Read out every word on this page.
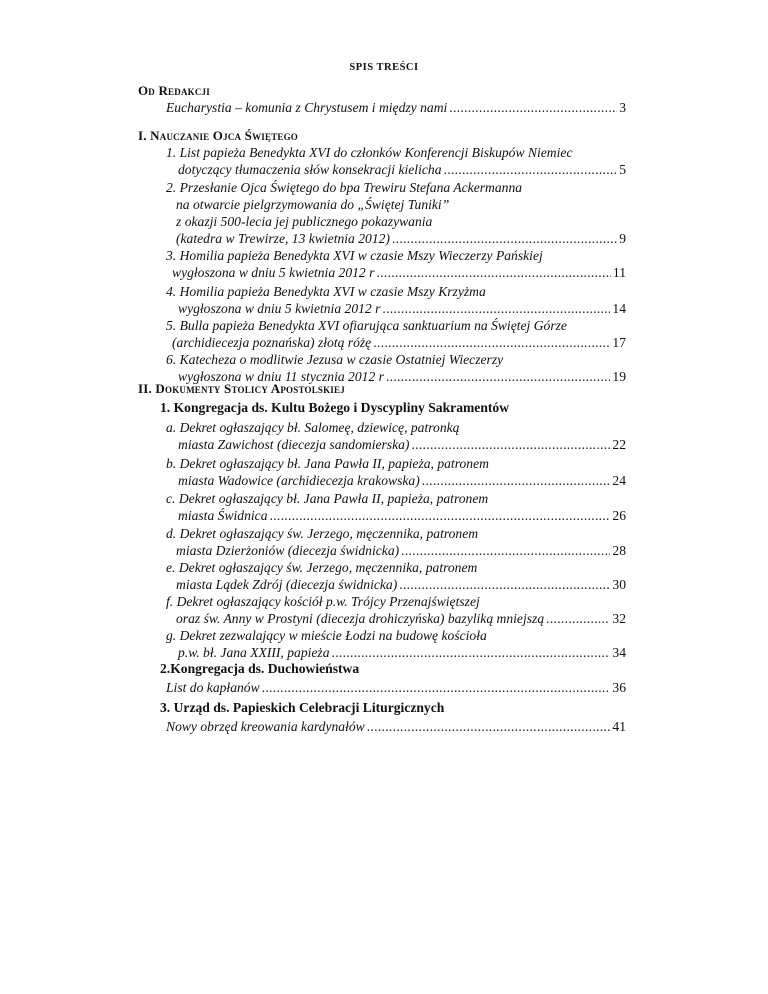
SPIS TREŚCI
Od Redakcji
Eucharystia – komunia z Chrystusem i między nami .....	3
I. Nauczanie Ojca Świętego
1. List papieża Benedykta XVI do członków Konferencji Biskupów Niemiec
dotyczący tłumaczenia słów konsekracji kielicha .....	5
2. Przesłanie Ojca Świętego do bpa Trewiru Stefana Ackermanna
na otwarcie pielgrzymowania do „Świętej Tuniki”
z okazji 500-lecia jej publicznego pokazywania
(katedra w Trewirze, 13 kwietnia 2012) .....	9
3. Homilia papieża Benedykta XVI w czasie Mszy Wieczerzy Pańskiej
wygłoszona w dniu 5 kwietnia 2012 r .....	11
4. Homilia papieża Benedykta XVI w czasie Mszy Krzyżma
wygłoszona w dniu 5 kwietnia 2012 r .....	14
5. Bulla papieża Benedykta XVI ofiarująca sanktuarium na Świętej Górze
(archidiecezja poznańska) złotą różę .....	17
6. Katecheza o modlitwie Jezusa w czasie Ostatniej Wieczerzy
wygłoszona w dniu 11 stycznia 2012 r .....	19
II. Dokumenty Stolicy Apostolskiej
1. Kongregacja ds. Kultu Bożego i Dyscypliny Sakramentów
a. Dekret ogłaszający bł. Salomeę, dziewicę, patronką
miasta Zawichost (diecezja sandomierska) .....	22
b. Dekret ogłaszający bł. Jana Pawła II, papieża, patronem
miasta Wadowice (archidiecezja krakowska) .....	24
c. Dekret ogłaszający bł. Jana Pawła II, papieża, patronem
miasta Świdnica .....	26
d. Dekret ogłaszający św. Jerzego, męczennika, patronem
miasta Dzierżoniów (diecezja świdnicka) .....	28
e. Dekret ogłaszający św. Jerzego, męczennika, patronem
miasta Lądek Zdrój (diecezja świdnicka) .....	30
f. Dekret ogłaszający kościół p.w. Trójcy Przenajświętszej
oraz św. Anny w Prostyni (diecezja drohiczyńska) bazyliką mniejszą .....	32
g. Dekret zezwalający w mieście Łodzi na budowę kościoła
p.w. bł. Jana XXIII, papieża .....	34
2.Kongregacja ds. Duchowieństwa
List do kapłanów .....	36
3. Urząd ds. Papieskich Celebracji Liturgicznych
Nowy obrzęd kreowania kardynałów .....	41
